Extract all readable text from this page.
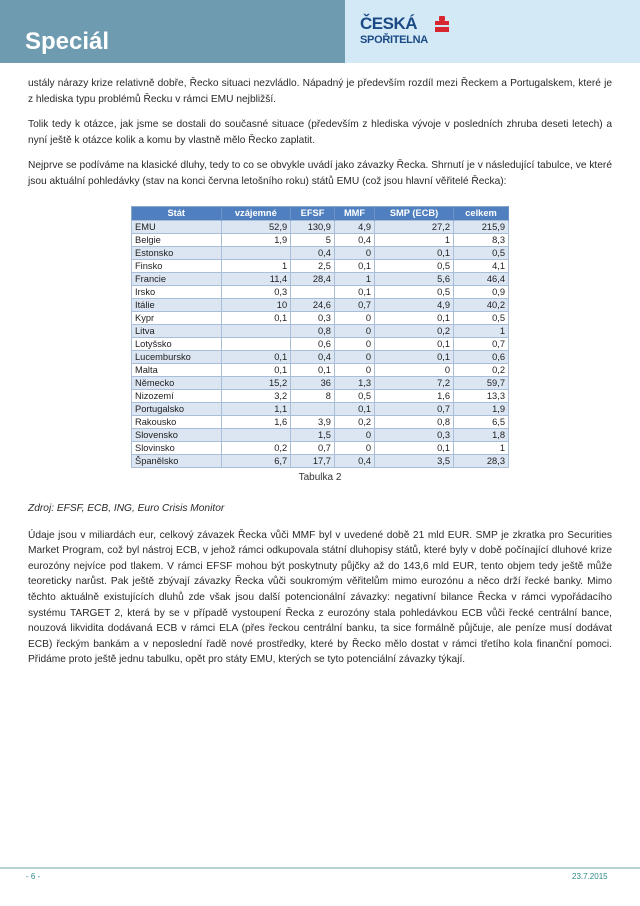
Speciál
ČESKÁ
SPOŘITELNA

ustály nárazy krize relativně dobře, Řecko situaci nezvládlo. Nápadný je především rozdíl mezi Řeckem a Portugalskem, které je z hlediska typu problémů Řecku v rámci EMU nejbližší.

Tolik tedy k otázce, jak jsme se dostali do současné situace (především z hlediska vývoje v posledních zhruba deseti letech) a nyní ještě k otázce kolik a komu by vlastně mělo Řecko zaplatit.

Nejprve se podíváme na klasické dluhy, tedy to co se obvykle uvádí jako závazky Řecka. Shrnutí je v následující tabulce, ve které jsou aktuální pohledávky (stav na konci června letošního roku) států EMU (což jsou hlavní věřitelé Řecka):

Stát	vzájemné	EFSF	MMF	SMP (ECB)	celkem
EMU	52,9	130,9	4,9	27,2	215,9
Belgie	1,9	5	0,4	1	8,3
Estonsko		0,4	0	0,1	0,5
Finsko	1	2,5	0,1	0,5	4,1
Francie	11,4	28,4	1	5,6	46,4
Irsko	0,3		0,1	0,5	0,9
Itálie	10	24,6	0,7	4,9	40,2
Kypr	0,1	0,3	0	0,1	0,5
Litva		0,8	0	0,2	1
Lotyšsko		0,6	0	0,1	0,7
Lucembursko	0,1	0,4	0	0,1	0,6
Malta	0,1	0,1	0	0	0,2
Německo	15,2	36	1,3	7,2	59,7
Nizozemí	3,2	8	0,5	1,6	13,3
Portugalsko	1,1		0,1	0,7	1,9
Rakousko	1,6	3,9	0,2	0,8	6,5
Slovensko		1,5	0	0,3	1,8
Slovinsko	0,2	0,7	0	0,1	1
Španělsko	6,7	17,7	0,4	3,5	28,3
Tabulka 2

Zdroj: EFSF, ECB, ING, Euro Crisis Monitor

Údaje jsou v miliardách eur, celkový závazek Řecka vůči MMF byl v uvedené době 21 mld EUR. SMP je zkratka pro Securities Market Program, což byl nástroj ECB, v jehož rámci odkupovala státní dluhopisy států, které byly v době počínající dluhové krize eurozóny nejvíce pod tlakem. V rámci EFSF mohou být poskytnuty půjčky až do 143,6 mld EUR, tento objem tedy ještě může teoreticky narůst. Pak ještě zbývají závazky Řecka vůči soukromým věřitelům mimo eurozónu a něco drží řecké banky. Mimo těchto aktuálně existujících dluhů zde však jsou další potencionální závazky: negativní bilance Řecka v rámci vypořádacího systému TARGET 2, která by se v případě vystoupení Řecka z eurozóny stala pohledávkou ECB vůči řecké centrální bance, nouzová likvidita dodávaná ECB v rámci ELA (přes řeckou centrální banku, ta sice formálně půjčuje, ale peníze musí dodávat ECB) řeckým bankám a v neposlední řadě nové prostředky, které by Řecko mělo dostat v rámci třetího kola finanční pomoci. Přidáme proto ještě jednu tabulku, opět pro státy EMU, kterých se tyto potenciální závazky týkají.

- 6 -	23.7.2015
